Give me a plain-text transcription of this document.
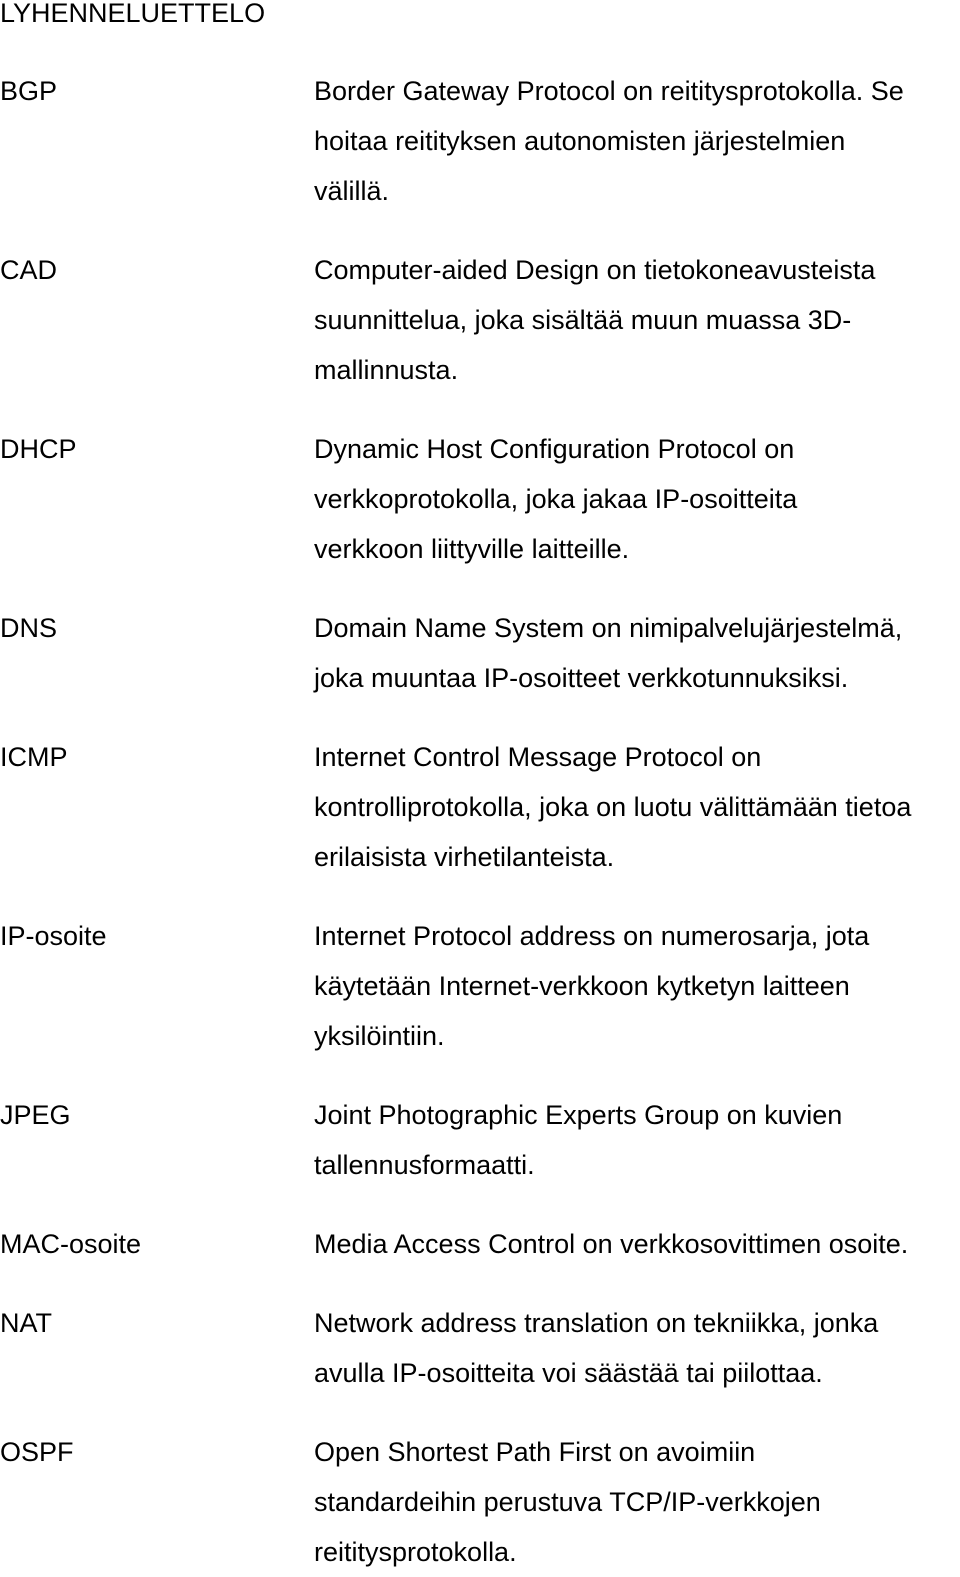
LYHENNELUETTELO
BGP	Border Gateway Protocol on reititysprotokolla. Se
hoitaa reitityksen autonomisten järjestelmien
välillä.
CAD	Computer-aided Design on tietokoneavusteista
suunnittelua, joka sisältää muun muassa 3D-
mallinnusta.
DHCP	Dynamic Host Configuration Protocol on
verkkoprotokolla, joka jakaa IP-osoitteita
verkkoon liittyville laitteille.
DNS	Domain Name System on nimipalvelujärjestelmä,
joka muuntaa IP-osoitteet verkkotunnuksiksi.
ICMP	Internet Control Message Protocol on
kontrolliprotokolla, joka on luotu välittämään tietoa
erilaisista virhetilanteista.
IP-osoite	Internet Protocol address on numerosarja, jota
käytetään Internet-verkkoon kytketyn laitteen
yksilöintiin.
JPEG	Joint Photographic Experts Group on kuvien
tallennusformaatti.
MAC-osoite	Media Access Control on verkkosovittimen osoite.
NAT	Network address translation on tekniikka, jonka
avulla IP-osoitteita voi säästää tai piilottaa.
OSPF	Open Shortest Path First on avoimiin
standardeihin perustuva TCP/IP-verkkojen
reititysprotokolla.
